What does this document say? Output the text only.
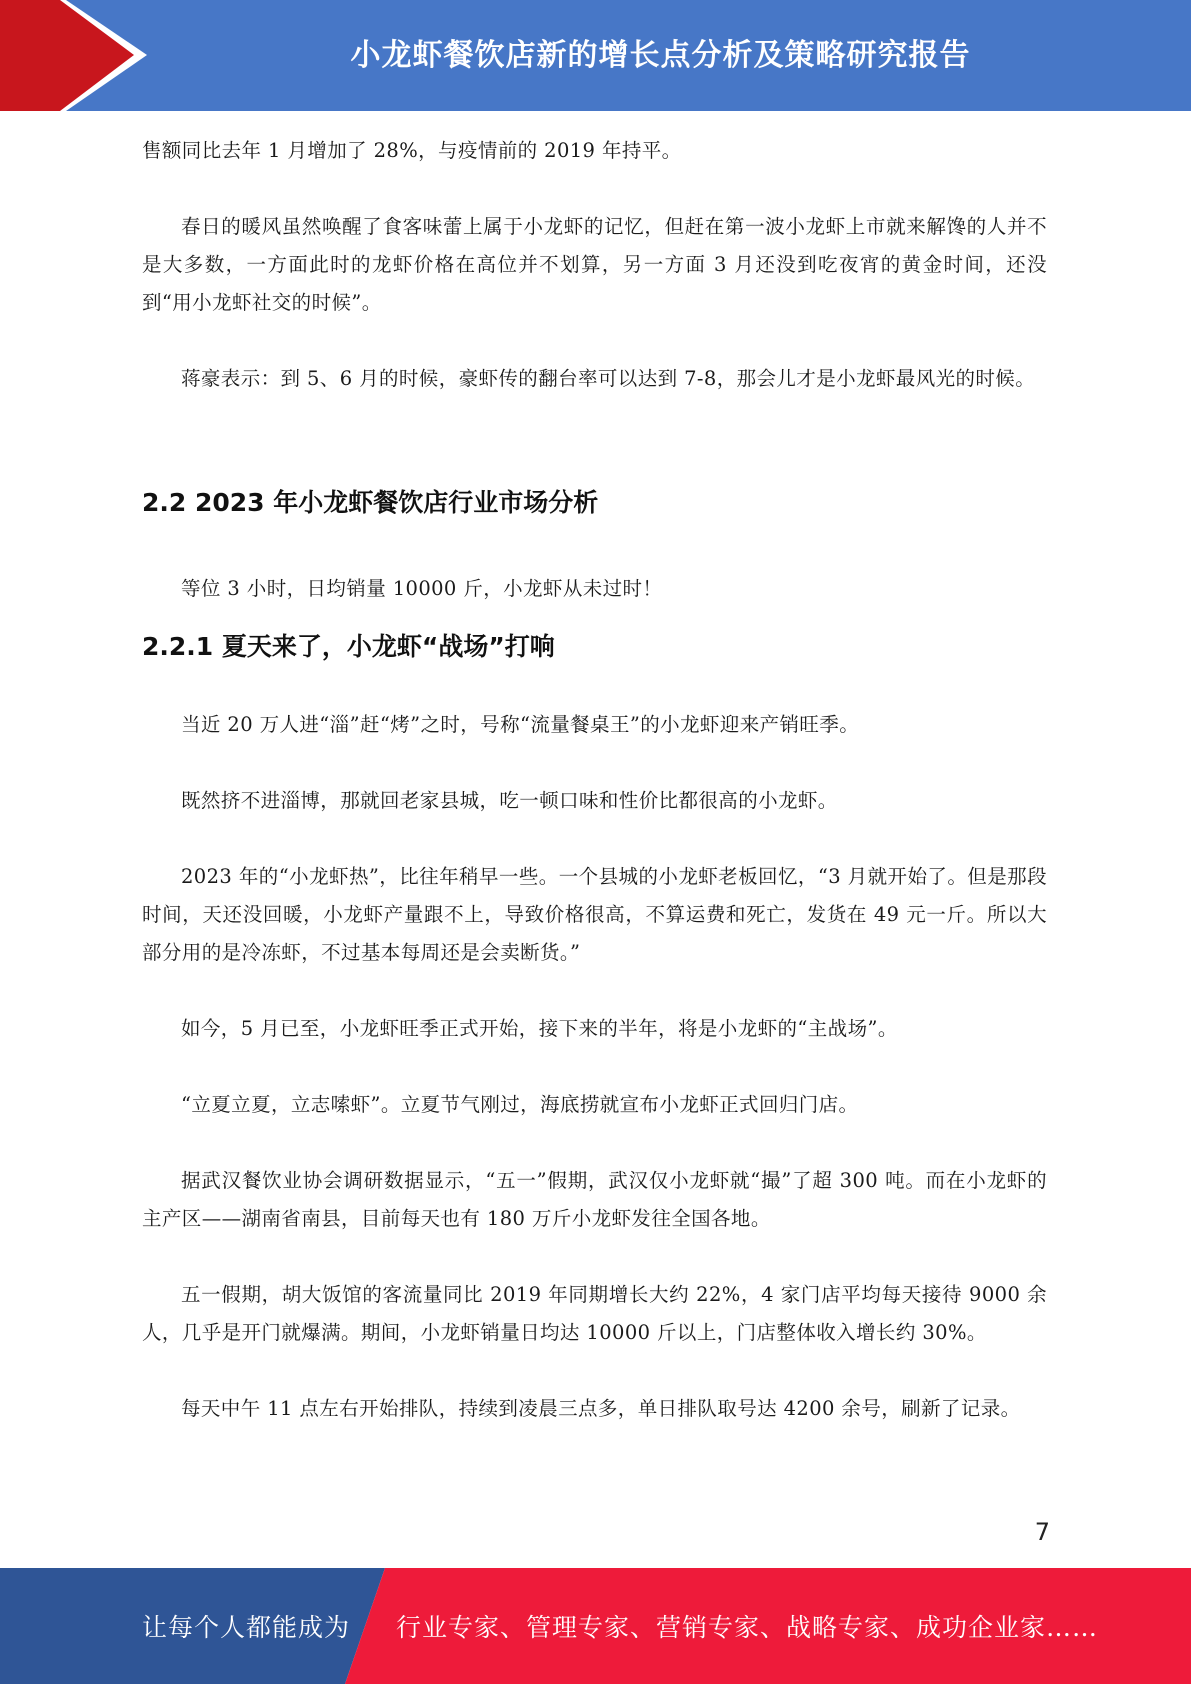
小龙虾餐饮店新的增长点分析及策略研究报告

售额同比去年 1 月增加了 28%，与疫情前的 2019 年持平。

春日的暖风虽然唤醒了食客味蕾上属于小龙虾的记忆，但赶在第一波小龙虾上市就来解馋的人并不是大多数，一方面此时的龙虾价格在高位并不划算，另一方面 3 月还没到吃夜宵的黄金时间，还没到“用小龙虾社交的时候”。

蒋豪表示：到 5、6 月的时候，豪虾传的翻台率可以达到 7-8，那会儿才是小龙虾最风光的时候。

2.2 2023 年小龙虾餐饮店行业市场分析

等位 3 小时，日均销量 10000 斤，小龙虾从未过时！

2.2.1 夏天来了，小龙虾“战场”打响

当近 20 万人进“淄”赶“烤”之时，号称“流量餐桌王”的小龙虾迎来产销旺季。

既然挤不进淄博，那就回老家县城，吃一顿口味和性价比都很高的小龙虾。

2023 年的“小龙虾热”，比往年稍早一些。一个县城的小龙虾老板回忆，“3 月就开始了。但是那段时间，天还没回暖，小龙虾产量跟不上，导致价格很高，不算运费和死亡，发货在 49 元一斤。所以大部分用的是冷冻虾，不过基本每周还是会卖断货。”

如今，5 月已至，小龙虾旺季正式开始，接下来的半年，将是小龙虾的“主战场”。

“立夏立夏，立志嗦虾”。立夏节气刚过，海底捞就宣布小龙虾正式回归门店。

据武汉餐饮业协会调研数据显示，“五一”假期，武汉仅小龙虾就“撮”了超 300 吨。而在小龙虾的主产区——湖南省南县，目前每天也有 180 万斤小龙虾发往全国各地。

五一假期，胡大饭馆的客流量同比 2019 年同期增长大约 22%，4 家门店平均每天接待 9000 余人，几乎是开门就爆满。期间，小龙虾销量日均达 10000 斤以上，门店整体收入增长约 30%。

每天中午 11 点左右开始排队，持续到凌晨三点多，单日排队取号达 4200 余号，刷新了记录。

7
让每个人都能成为 行业专家、管理专家、营销专家、战略专家、成功企业家……
